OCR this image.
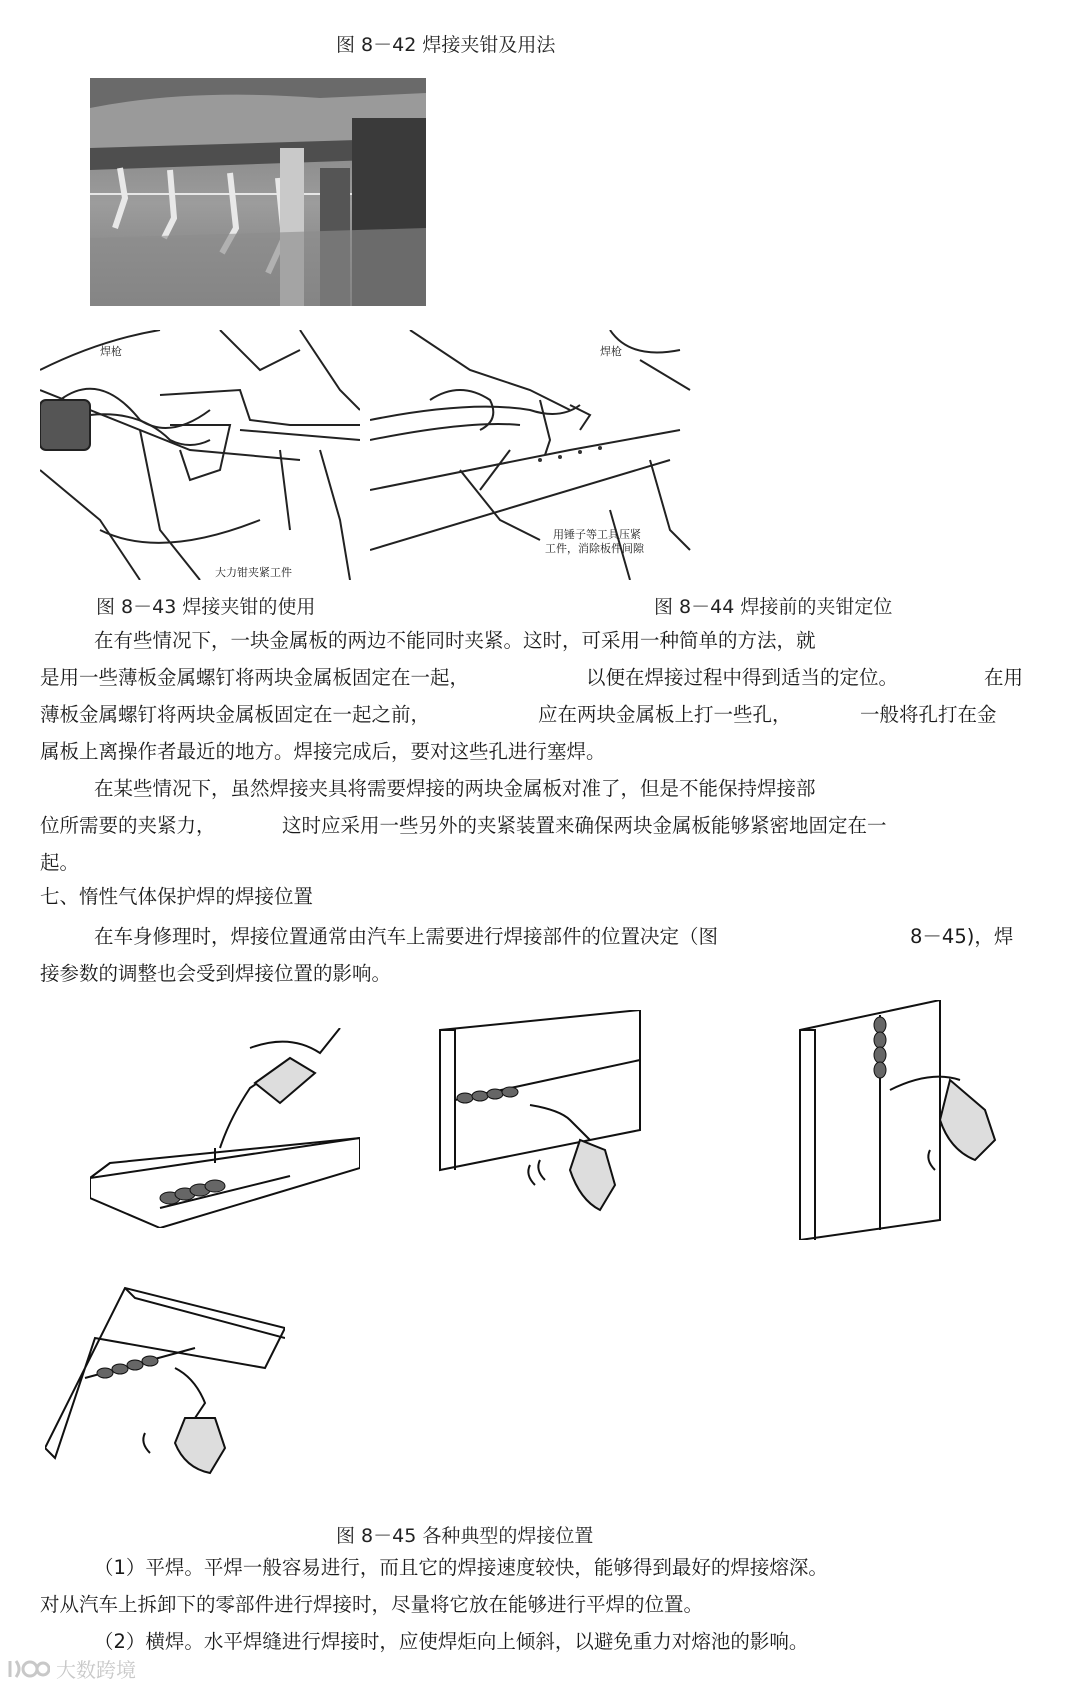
图 8－42 焊接夹钳及用法
焊枪
大力钳夹紧工件
焊枪
用锤子等工具压紧
工件，消除板件间隙
图 8－43 焊接夹钳的使用	图 8－44 焊接前的夹钳定位
在有些情况下，一块金属板的两边不能同时夹紧。这时，可采用一种简单的方法，就
是用一些薄板金属螺钉将两块金属板固定在一起，	以便在焊接过程中得到适当的定位。	在用
薄板金属螺钉将两块金属板固定在一起之前，	应在两块金属板上打一些孔，	一般将孔打在金
属板上离操作者最近的地方。焊接完成后，要对这些孔进行塞焊。
在某些情况下，虽然焊接夹具将需要焊接的两块金属板对准了，但是不能保持焊接部
位所需要的夹紧力，	这时应采用一些另外的夹紧装置来确保两块金属板能够紧密地固定在一
起。
七、惰性气体保护焊的焊接位置
在车身修理时，焊接位置通常由汽车上需要进行焊接部件的位置决定（图	8－45)，焊
接参数的调整也会受到焊接位置的影响。
图 8－45 各种典型的焊接位置
（1）平焊。平焊一般容易进行，而且它的焊接速度较快，能够得到最好的焊接熔深。
对从汽车上拆卸下的零部件进行焊接时，尽量将它放在能够进行平焊的位置。
（2）横焊。水平焊缝进行焊接时，应使焊炬向上倾斜，以避免重力对熔池的影响。
大数跨境
